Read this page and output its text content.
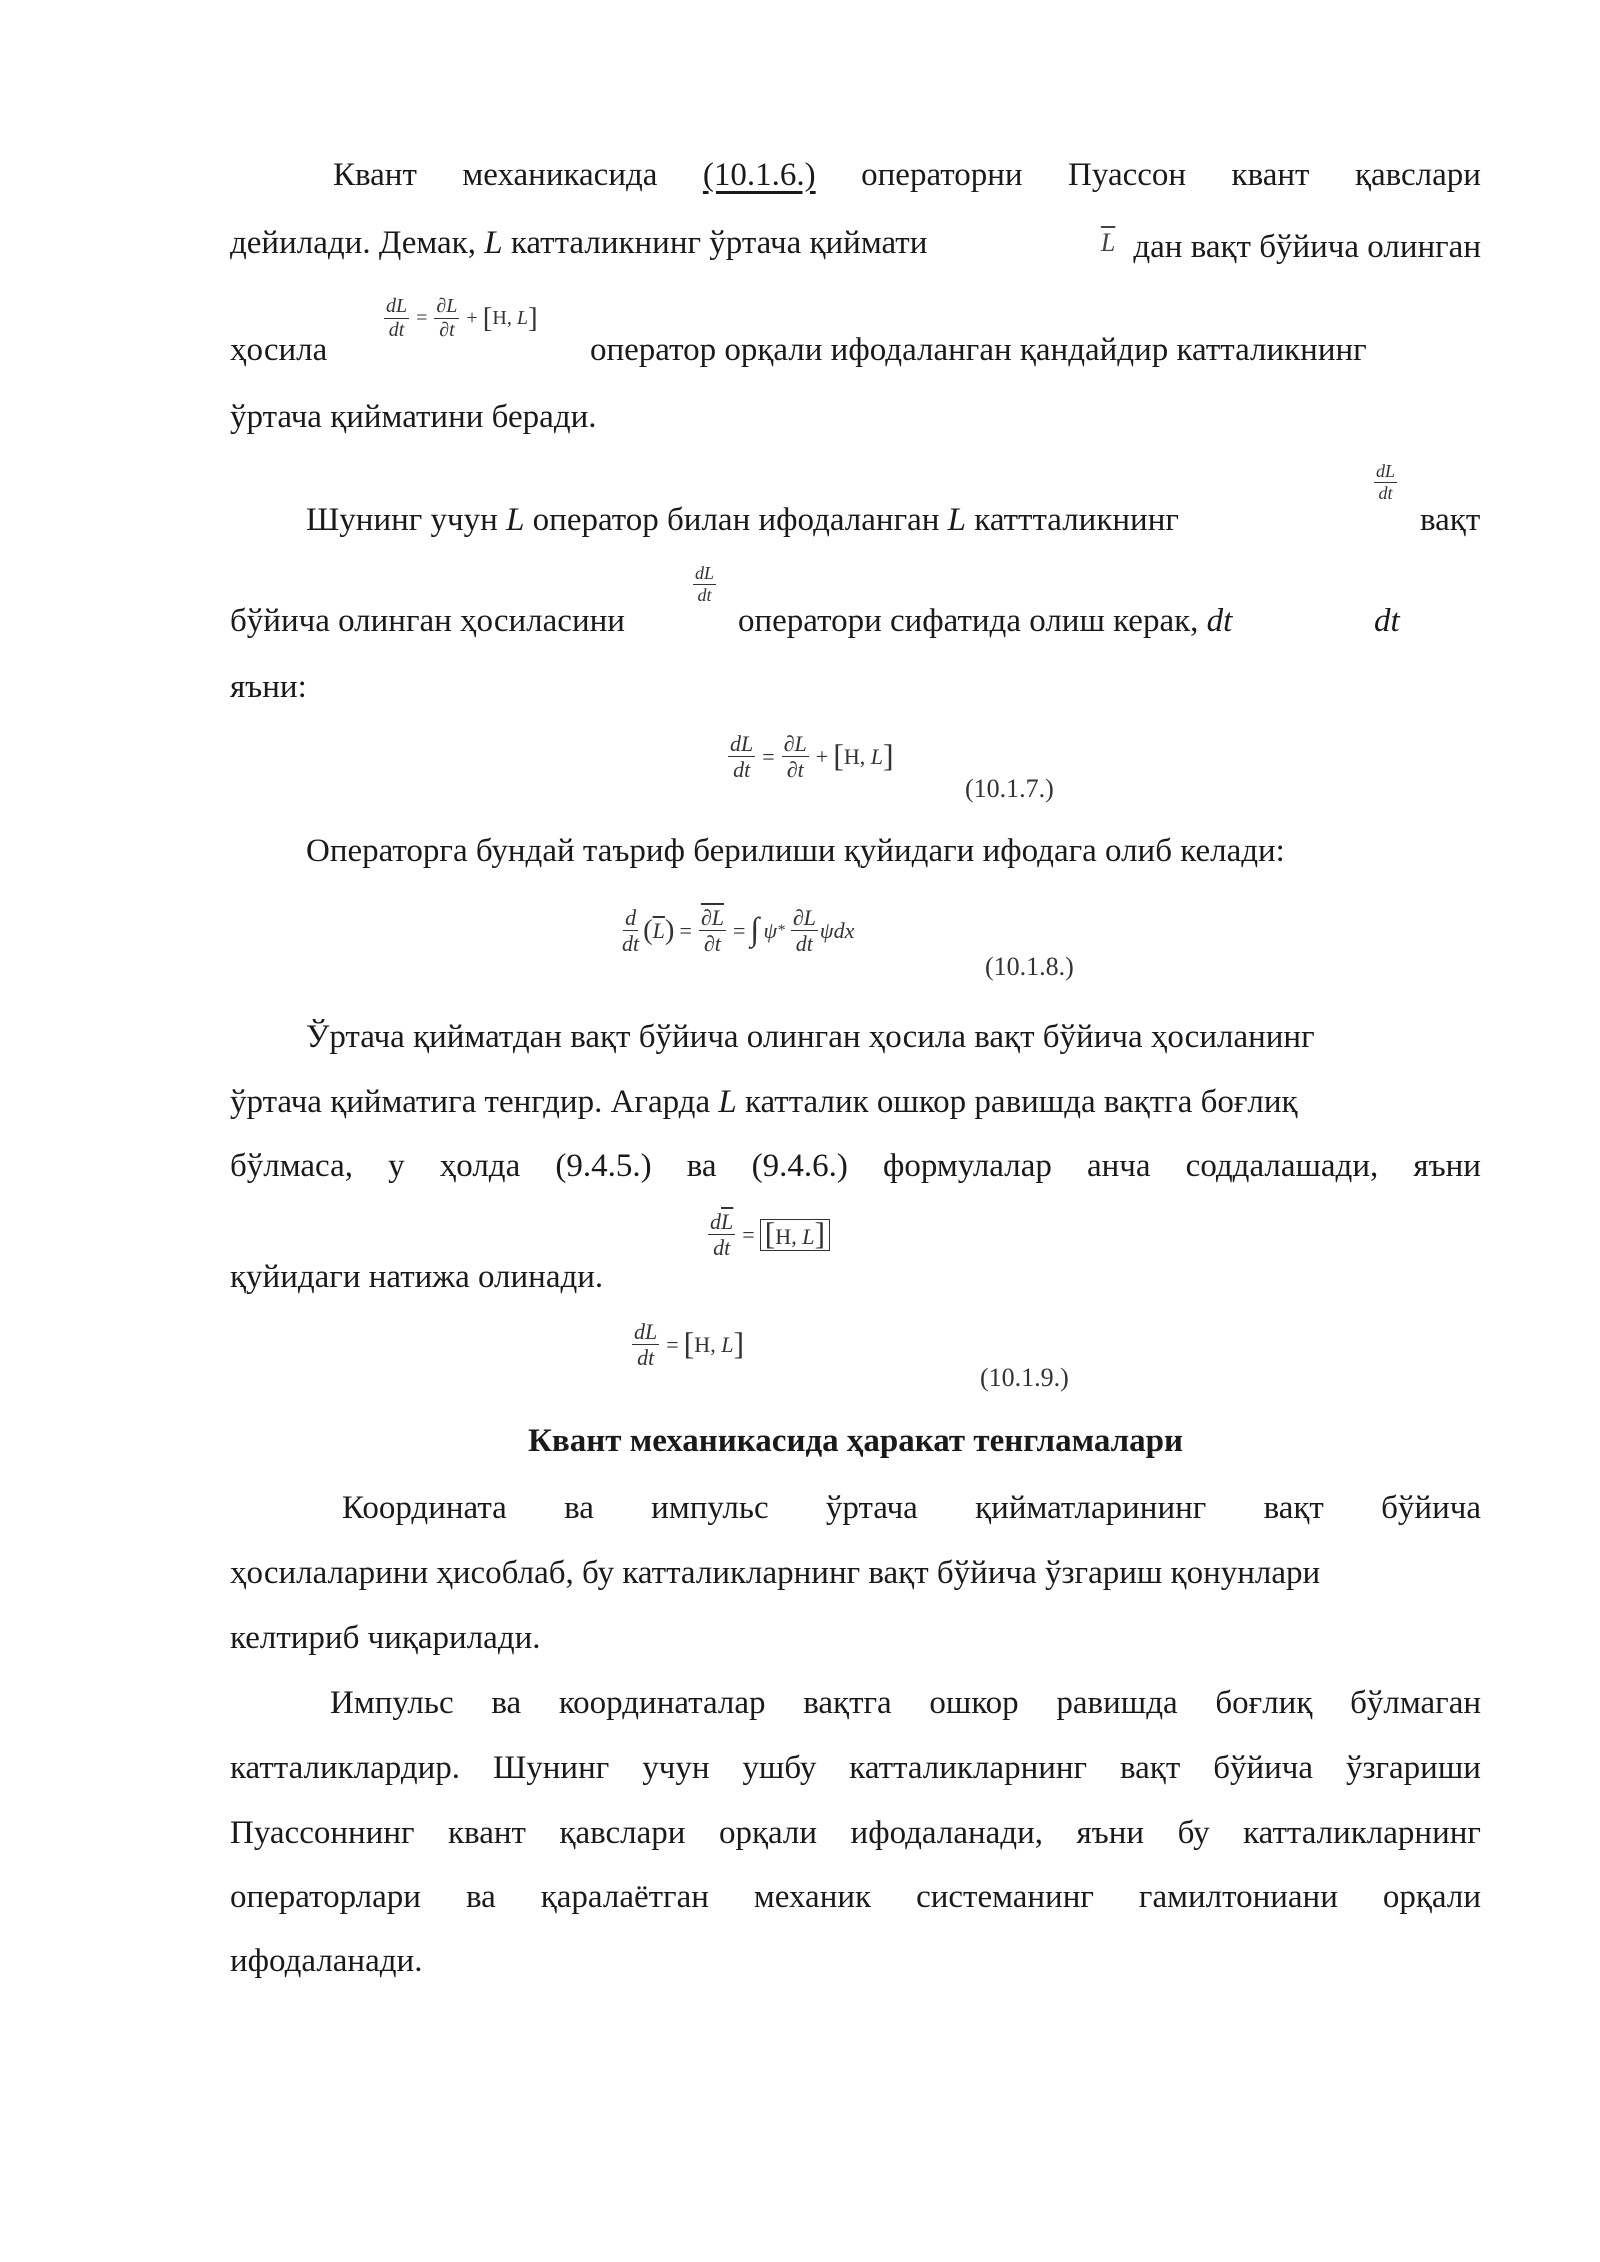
Квант механикасида (10.1.6.) операторни Пуассон квант қавслари
дейилади. Демак, L катталикнинг ўртача қиймати	$\overline{L}$ дан вақт бўйича олинган
ҳосила
$\frac{dL}{dt} = \frac{\partial L}{\partial t}$ + [ H ,
L ]
оператор орқали ифодаланган қандайдир катталикнинг
ўртача қийматини беради.
Шунинг учун L оператор билан ифодаланган L каттталикнинг
$\frac{dL}{dt}$
вақт
бўйича олинган ҳосиласини
$\frac{dL}{dt}$
оператори сифатида олиш керак, dt	dt
яъни:
$\frac{dL}{dt} = \frac{\partial L}{\partial t}$ + [ H ,
L ]
(10.1.7.)
Операторга бундай таъриф берилиши қуйидаги ифодага олиб келади:
$\frac{d}{dt}$ ( $\overline{L}$ ) = $\frac{\partial L}{\partial t}$ = ∫ ψ * $\frac{\partial L}{dt}$ ψdx
(10.1.8.)
Ўртача қийматдан вақт бўйича олинган ҳосила вақт бўйича ҳосиланинг
ўртача қийматига тенгдир. Агарда L катталик ошкор равишда вақтга боғлиқ
бўлмаса, у ҳолда (9.4.5.) ва (9.4.6.) формулалар анча соддалашади, яъни
қуйидаги натижа олинади.
$\frac{d\overline{L}}{dt} = [H$, L]
$\frac{dL}{dt}$ = [ H ,
L ]
(10.1.9.)
Квант механикасида ҳаракат тенгламалари
Координата ва импульс ўртача қийматларининг вақт бўйича
ҳосилаларини ҳисоблаб, бу катталикларнинг вақт бўйича ўзгариш қонунлари
келтириб чиқарилади.
Импульс ва координаталар вақтга ошкор равишда боғлиқ бўлмаган
катталиклардир. Шунинг учун ушбу катталикларнинг вақт бўйича ўзгариши
Пуассоннинг квант қавслари орқали ифодаланади, яъни бу катталикларнинг
операторлари ва қаралаётган механик системанинг гамилтониани орқали
ифодаланади.
